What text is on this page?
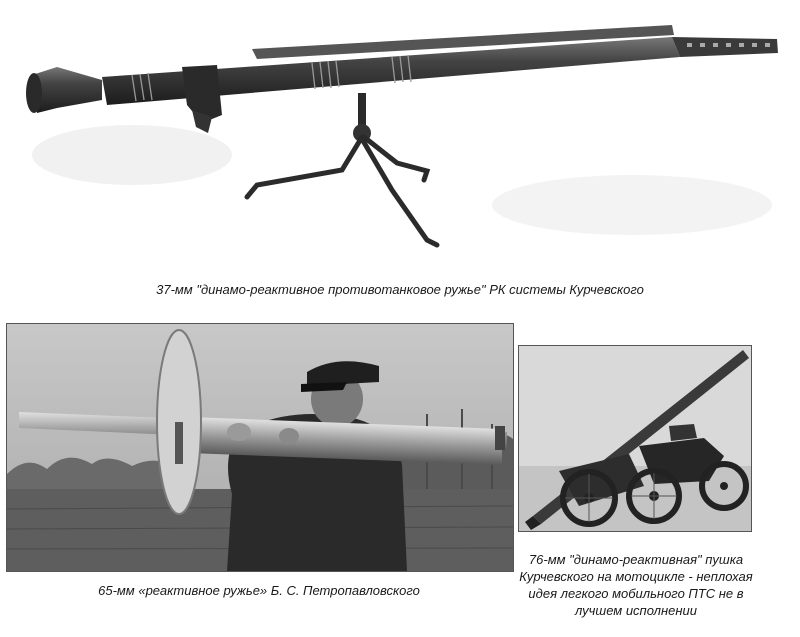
37-мм "динамо-реактивное противотанковое ружье" РК системы Курчевского
65-мм «реактивное ружье» Б. С. Петропавловского
76-мм "динамо-реактивная" пушка
Курчевского на мотоцикле - неплохая
идея легкого мобильного ПТС не в
лучшем исполнении
